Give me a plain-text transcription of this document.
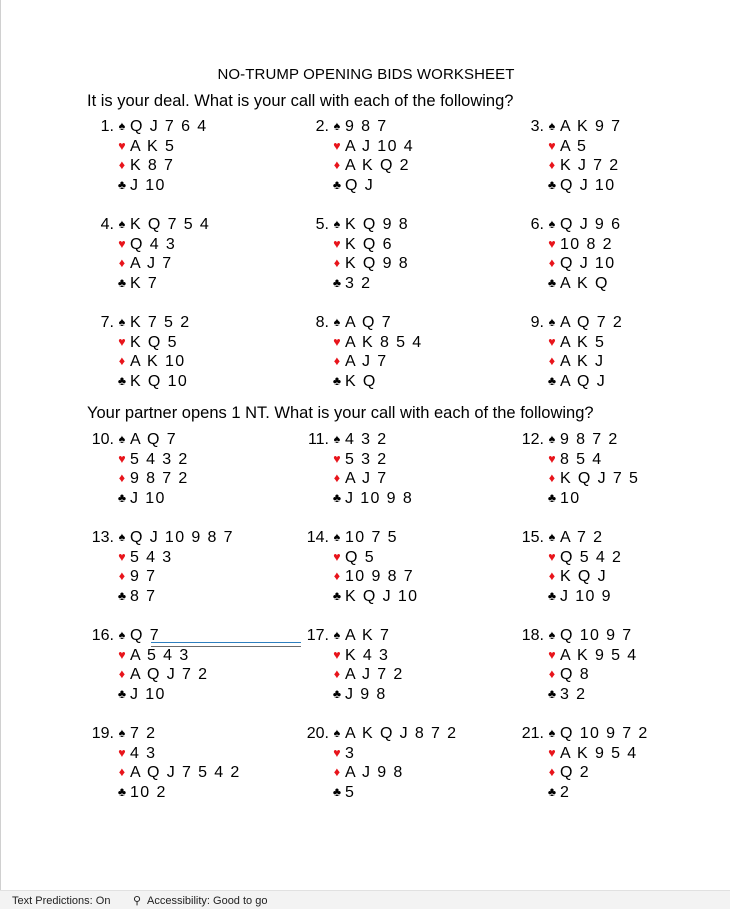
NO-TRUMP OPENING BIDS WORKSHEET
It is your deal. What is your call with each of the following?
1. ♠ Q J 7 6 4
♥ A K 5
♦ K 8 7
♣ J 10
2. ♠ 9 8 7
♥ A J 10 4
♦ A K Q 2
♣ Q J
3. ♠ A K 9 7
♥ A 5
♦ K J 7 2
♣ Q J 10
4. ♠ K Q 7 5 4
♥ Q 4 3
♦ A J 7
♣ K 7
5. ♠ K Q 9 8
♥ K Q 6
♦ K Q 9 8
♣ 3 2
6. ♠ Q J 9 6
♥ 10 8 2
♦ Q J 10
♣ A K Q
7. ♠ K 7 5 2
♥ K Q 5
♦ A K 10
♣ K Q 10
8. ♠ A Q 7
♥ A K 8 5 4
♦ A J 7
♣ K Q
9. ♠ A Q 7 2
♥ A K 5
♦ A K J
♣ A Q J
Your partner opens 1 NT. What is your call with each of the following?
10. ♠ A Q 7
♥ 5 4 3 2
♦ 9 8 7 2
♣ J 10
11. ♠ 4 3 2
♥ 5 3 2
♦ A J 7
♣ J 10 9 8
12. ♠ 9 8 7 2
♥ 8 5 4
♦ K Q J 7 5
♣ 10
13. ♠ Q J 10 9 8 7
♥ 5 4 3
♦ 9 7
♣ 8 7
14. ♠ 10 7 5
♥ Q 5
♦ 10 9 8 7
♣ K Q J 10
15. ♠ A 7 2
♥ Q 5 4 2
♦ K Q J
♣ J 10 9
16. ♠ Q 7
♥ A 5 4 3
♦ A Q J 7 2
♣ J 10
17. ♠ A K 7
♥ K 4 3
♦ A J 7 2
♣ J 9 8
18. ♠ Q 10 9 7
♥ A K 9 5 4
♦ Q 8
♣ 3 2
19. ♠ 7 2
♥ 4 3
♦ A Q J 7 5 4 2
♣ 10 2
20. ♠ A K Q J 8 7 2
♥ 3
♦ A J 9 8
♣ 5
21. ♠ Q 10 9 7 2
♥ A K 9 5 4
♦ Q 2
♣ 2
Text Predictions: On ⚲ Accessibility: Good to go
